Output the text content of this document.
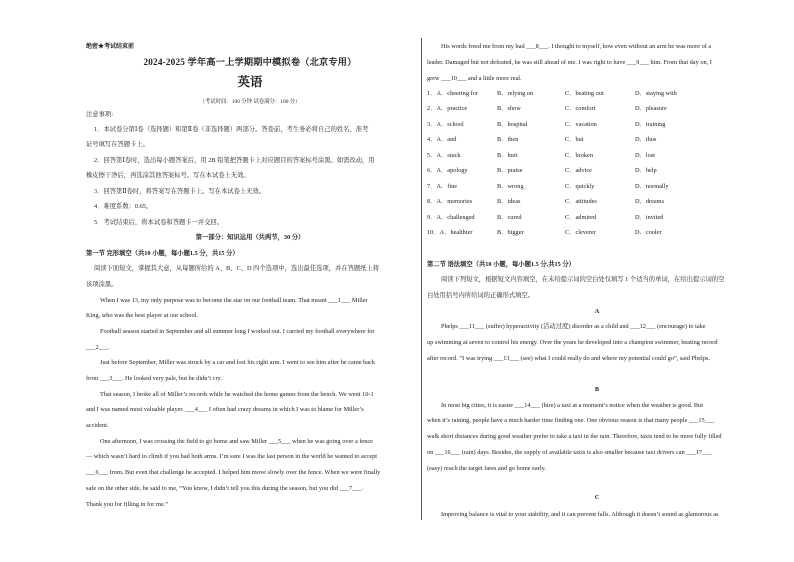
绝密★考试结束前
2024-2025 学年高一上学期期中模拟卷（北京专用）
英语
（考试时间：100 分钟 试卷满分：100 分）
注意事项:
1．本试卷分第Ⅰ卷（选择题）和第Ⅱ卷（非选择题）两部分。答卷前，考生务必将自己的姓名、准考
证号填写在答题卡上。
2．回答第Ⅰ卷时，选出每小题答案后，用 2B 铅笔把答题卡上对应题目的答案标号涂黑。如需改动，用
橡皮擦干净后，再选涂其他答案标号。写在本试卷上无效。
3．回答第Ⅱ卷时，将答案写在答题卡上。写在本试卷上无效。
4．难度系数：0.65。
5．考试结束后，将本试卷和答题卡一并交回。
第一部分：知识运用（共两节，30 分）
第一节 完形填空（共10 小题，每小题1.5 分，共15 分）
阅读下面短文，掌握其大意，从每题所给的 A、B、C、D 四个选项中，选出最佳选项，并在答题纸上将
该项涂黑。
When I was 13, my only purpose was to become the star on our football team. That meant ___1___ Miller
King, who was the best player at our school.
Football season started in September and all summer long I worked out. I carried my football everywhere for
___2___.
Just before September, Miller was struck by a car and lost his right arm. I went to see him after he came back
from ___3___. He looked very pale, but he didn’t cry.
That season, I broke all of Miller’s records while he watched the home games from the bench. We went 10-1
and I was named most valuable player. ___4___ I often had crazy dreams in which I was to blame for Miller’s
accident.
One afternoon, I was crossing the field to go home and saw Miller ___5___ when he was going over a fence
— which wasn’t hard to climb if you had both arms. I’m sure I was the last person in the world he wanted to accept
___6___ from. But even that challenge he accepted. I helped him move slowly over the fence. When we were finally
safe on the other side, he said to me, “You know, I didn’t tell you this during the season, but you did ___7___.
Thank you for filling in for me.”
His words freed me from my bad ___8___. I thought to myself, how even without an arm he was more of a
leader. Damaged but not defeated, he was still ahead of me. I was right to have ___9___ him. From that day on, I
grew ___10___ and a little more real.
1．A．cheering for	B．relying on	C．beating out	D．staying with
2．A．practice	B．show	C．comfort	D．pleasure
3．A．school	B．hospital	C．vacation	D．training
4．A．and	B．then	C．but	D．thus
5．A．stuck	B．hurt	C．broken	D．lost
6．A．apology	B．praise	C．advice	D．help
7．A．fine	B．wrong	C．quickly	D．normally
8．A．memories	B．ideas	C．attitudes	D．dreams
9．A．challenged	B．cured	C．admired	D．invited
10．A．healthier	B．bigger	C．cleverer	D．cooler
第二节 语法填空（共10 小题，每小题1.5 分,共15 分）
阅读下列短文，根据短文内容填空，在未给提示词的空白处仅填写 1 个适当的单词，在给出提示词的空
白处用括号内所给词的正确形式填空。
A
Phelps ___11___ (suffer) hyperactivity (活动过度) disorder as a child and ___12___ (encourage) to take
up swimming at seven to control his energy. Over the years he developed into a champion swimmer, beating record
after record. “I was trying ___13___ (see) what I could really do and where my potential could go”, said Phelps.
B
In most big cities, it is easier ___14___ (hire) a taxi at a moment’s notice when the weather is good. But
when it’s raining, people have a much harder time finding one. One obvious reason is that many people ___15___
walk short distances during good weather prefer to take a taxi in the rain. Therefore, taxis tend to be more fully filled
on ___16___ (rain) days. Besides, the supply of available taxis is also smaller because taxi drivers can ___17___
(easy) reach the target fares and go home early.
C
Improving balance is vital to your stability, and it can prevent falls. Although it doesn’t sound as glamorous as
